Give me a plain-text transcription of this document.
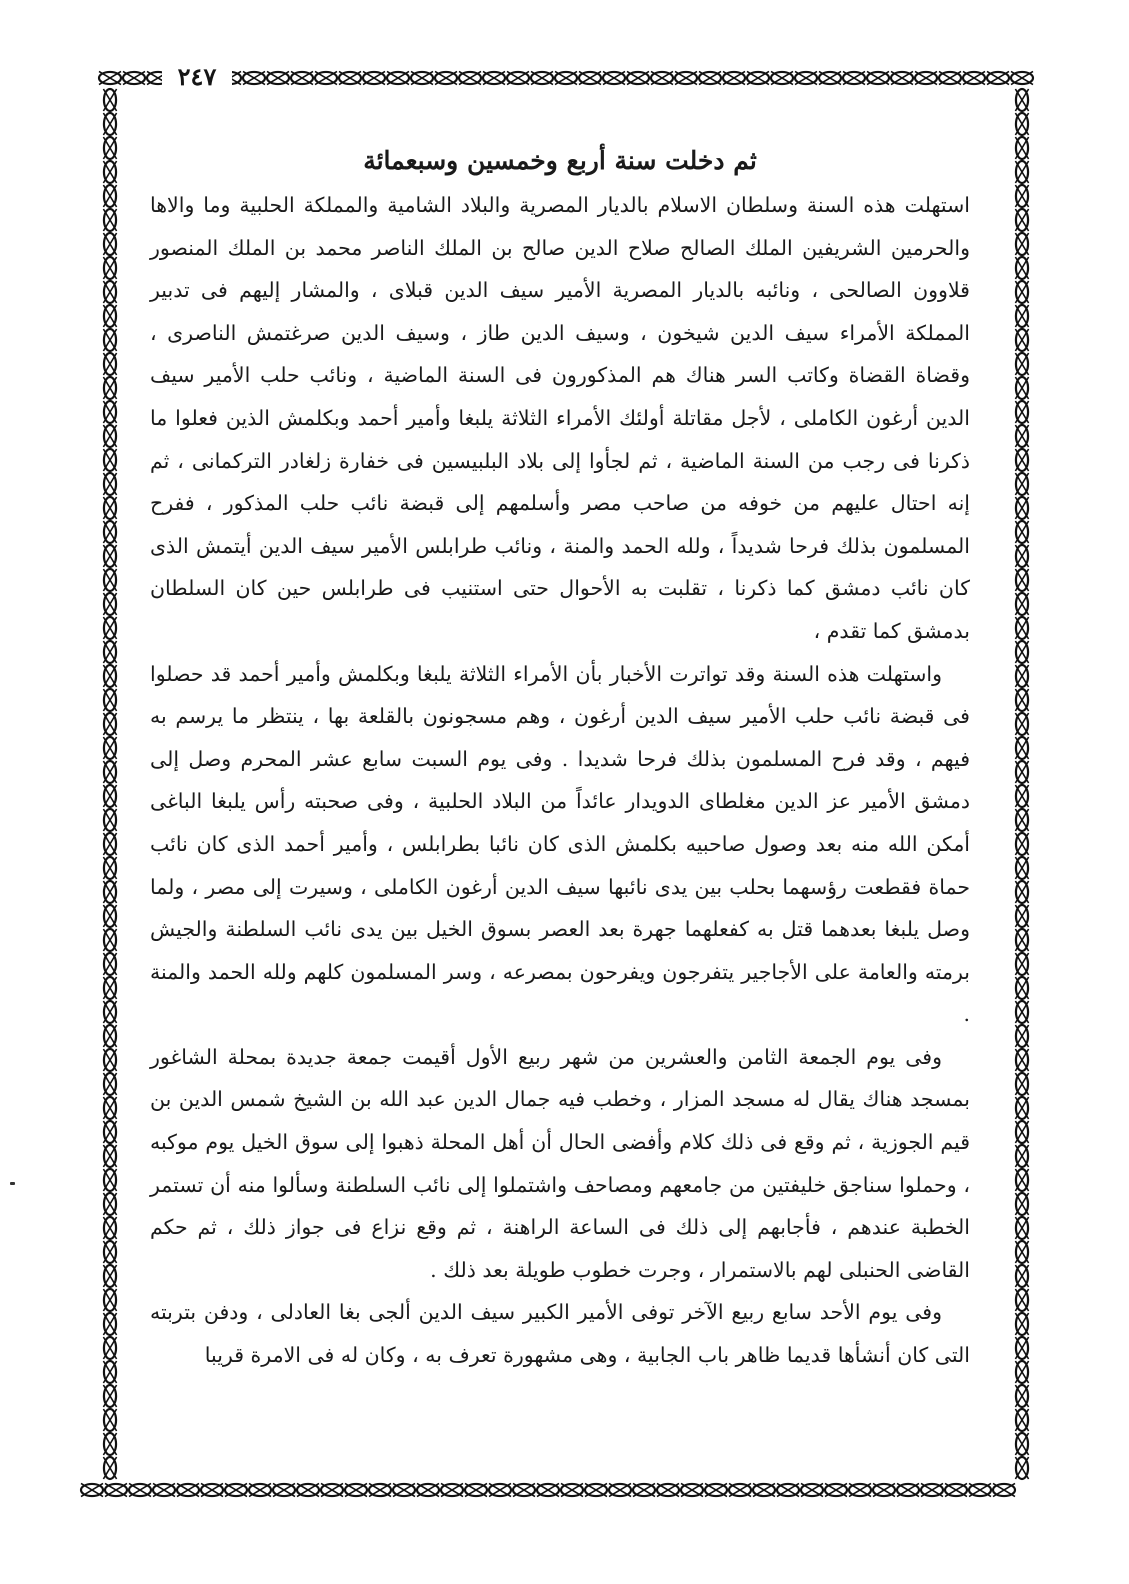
٢٤٧
ثم دخلت سنة أربع وخمسين وسبعمائة

استهلت هذه السنة وسلطان الاسلام بالديار المصرية والبلاد الشامية والمملكة الحلبية وما والاها والحرمين الشريفين الملك الصالح صلاح الدين صالح بن الملك الناصر محمد بن الملك المنصور قلاوون الصالحى ، ونائبه بالديار المصرية الأمير سيف الدين قبلاى ، والمشار إليهم فى تدبير المملكة الأمراء سيف الدين شيخون ، وسيف الدين طاز ، وسيف الدين صرغتمش الناصرى ، وقضاة القضاة وكاتب السر هناك هم المذكورون فى السنة الماضية ، ونائب حلب الأمير سيف الدين أرغون الكاملى ، لأجل مقاتلة أولئك الأمراء الثلاثة يلبغا وأمير أحمد وبكلمش الذين فعلوا ما ذكرنا فى رجب من السنة الماضية ، ثم لجأوا إلى بلاد البلبيسين فى خفارة زلغادر التركمانى ، ثم إنه احتال عليهم من خوفه من صاحب مصر وأسلمهم إلى قبضة نائب حلب المذكور ، ففرح المسلمون بذلك فرحا شديداً ، ولله الحمد والمنة ، ونائب طرابلس الأمير سيف الدين أيتمش الذى كان نائب دمشق كما ذكرنا ، تقلبت به الأحوال حتى استنيب فى طرابلس حين كان السلطان بدمشق كما تقدم ،

واستهلت هذه السنة وقد تواترت الأخبار بأن الأمراء الثلاثة يلبغا وبكلمش وأمير أحمد قد حصلوا فى قبضة نائب حلب الأمير سيف الدين أرغون ، وهم مسجونون بالقلعة بها ، ينتظر ما يرسم به فيهم ، وقد فرح المسلمون بذلك فرحا شديدا . وفى يوم السبت سابع عشر المحرم وصل إلى دمشق الأمير عز الدين مغلطاى الدويدار عائداً من البلاد الحلبية ، وفى صحبته رأس يلبغا الباغى أمكن الله منه بعد وصول صاحبيه بكلمش الذى كان نائبا بطرابلس ، وأمير أحمد الذى كان نائب حماة فقطعت رؤسهما بحلب بين يدى نائبها سيف الدين أرغون الكاملى ، وسيرت إلى مصر ، ولما وصل يلبغا بعدهما قتل به كفعلهما جهرة بعد العصر بسوق الخيل بين يدى نائب السلطنة والجيش برمته والعامة على الأجاجير يتفرجون ويفرحون بمصرعه ، وسر المسلمون كلهم ولله الحمد والمنة .

وفى يوم الجمعة الثامن والعشرين من شهر ربيع الأول أقيمت جمعة جديدة بمحلة الشاغور بمسجد هناك يقال له مسجد المزار ، وخطب فيه جمال الدين عبد الله بن الشيخ شمس الدين بن قيم الجوزية ، ثم وقع فى ذلك كلام وأفضى الحال أن أهل المحلة ذهبوا إلى سوق الخيل يوم موكبه ، وحملوا سناجق خليفتين من جامعهم ومصاحف واشتملوا إلى نائب السلطنة وسألوا منه أن تستمر الخطبة عندهم ، فأجابهم إلى ذلك فى الساعة الراهنة ، ثم وقع نزاع فى جواز ذلك ، ثم حكم القاضى الحنبلى لهم بالاستمرار ، وجرت خطوب طويلة بعد ذلك .

وفى يوم الأحد سابع ربيع الآخر توفى الأمير الكبير سيف الدين ألجى بغا العادلى ، ودفن بتربته التى كان أنشأها قديما ظاهر باب الجابية ، وهى مشهورة تعرف به ، وكان له فى الامرة قريبا
